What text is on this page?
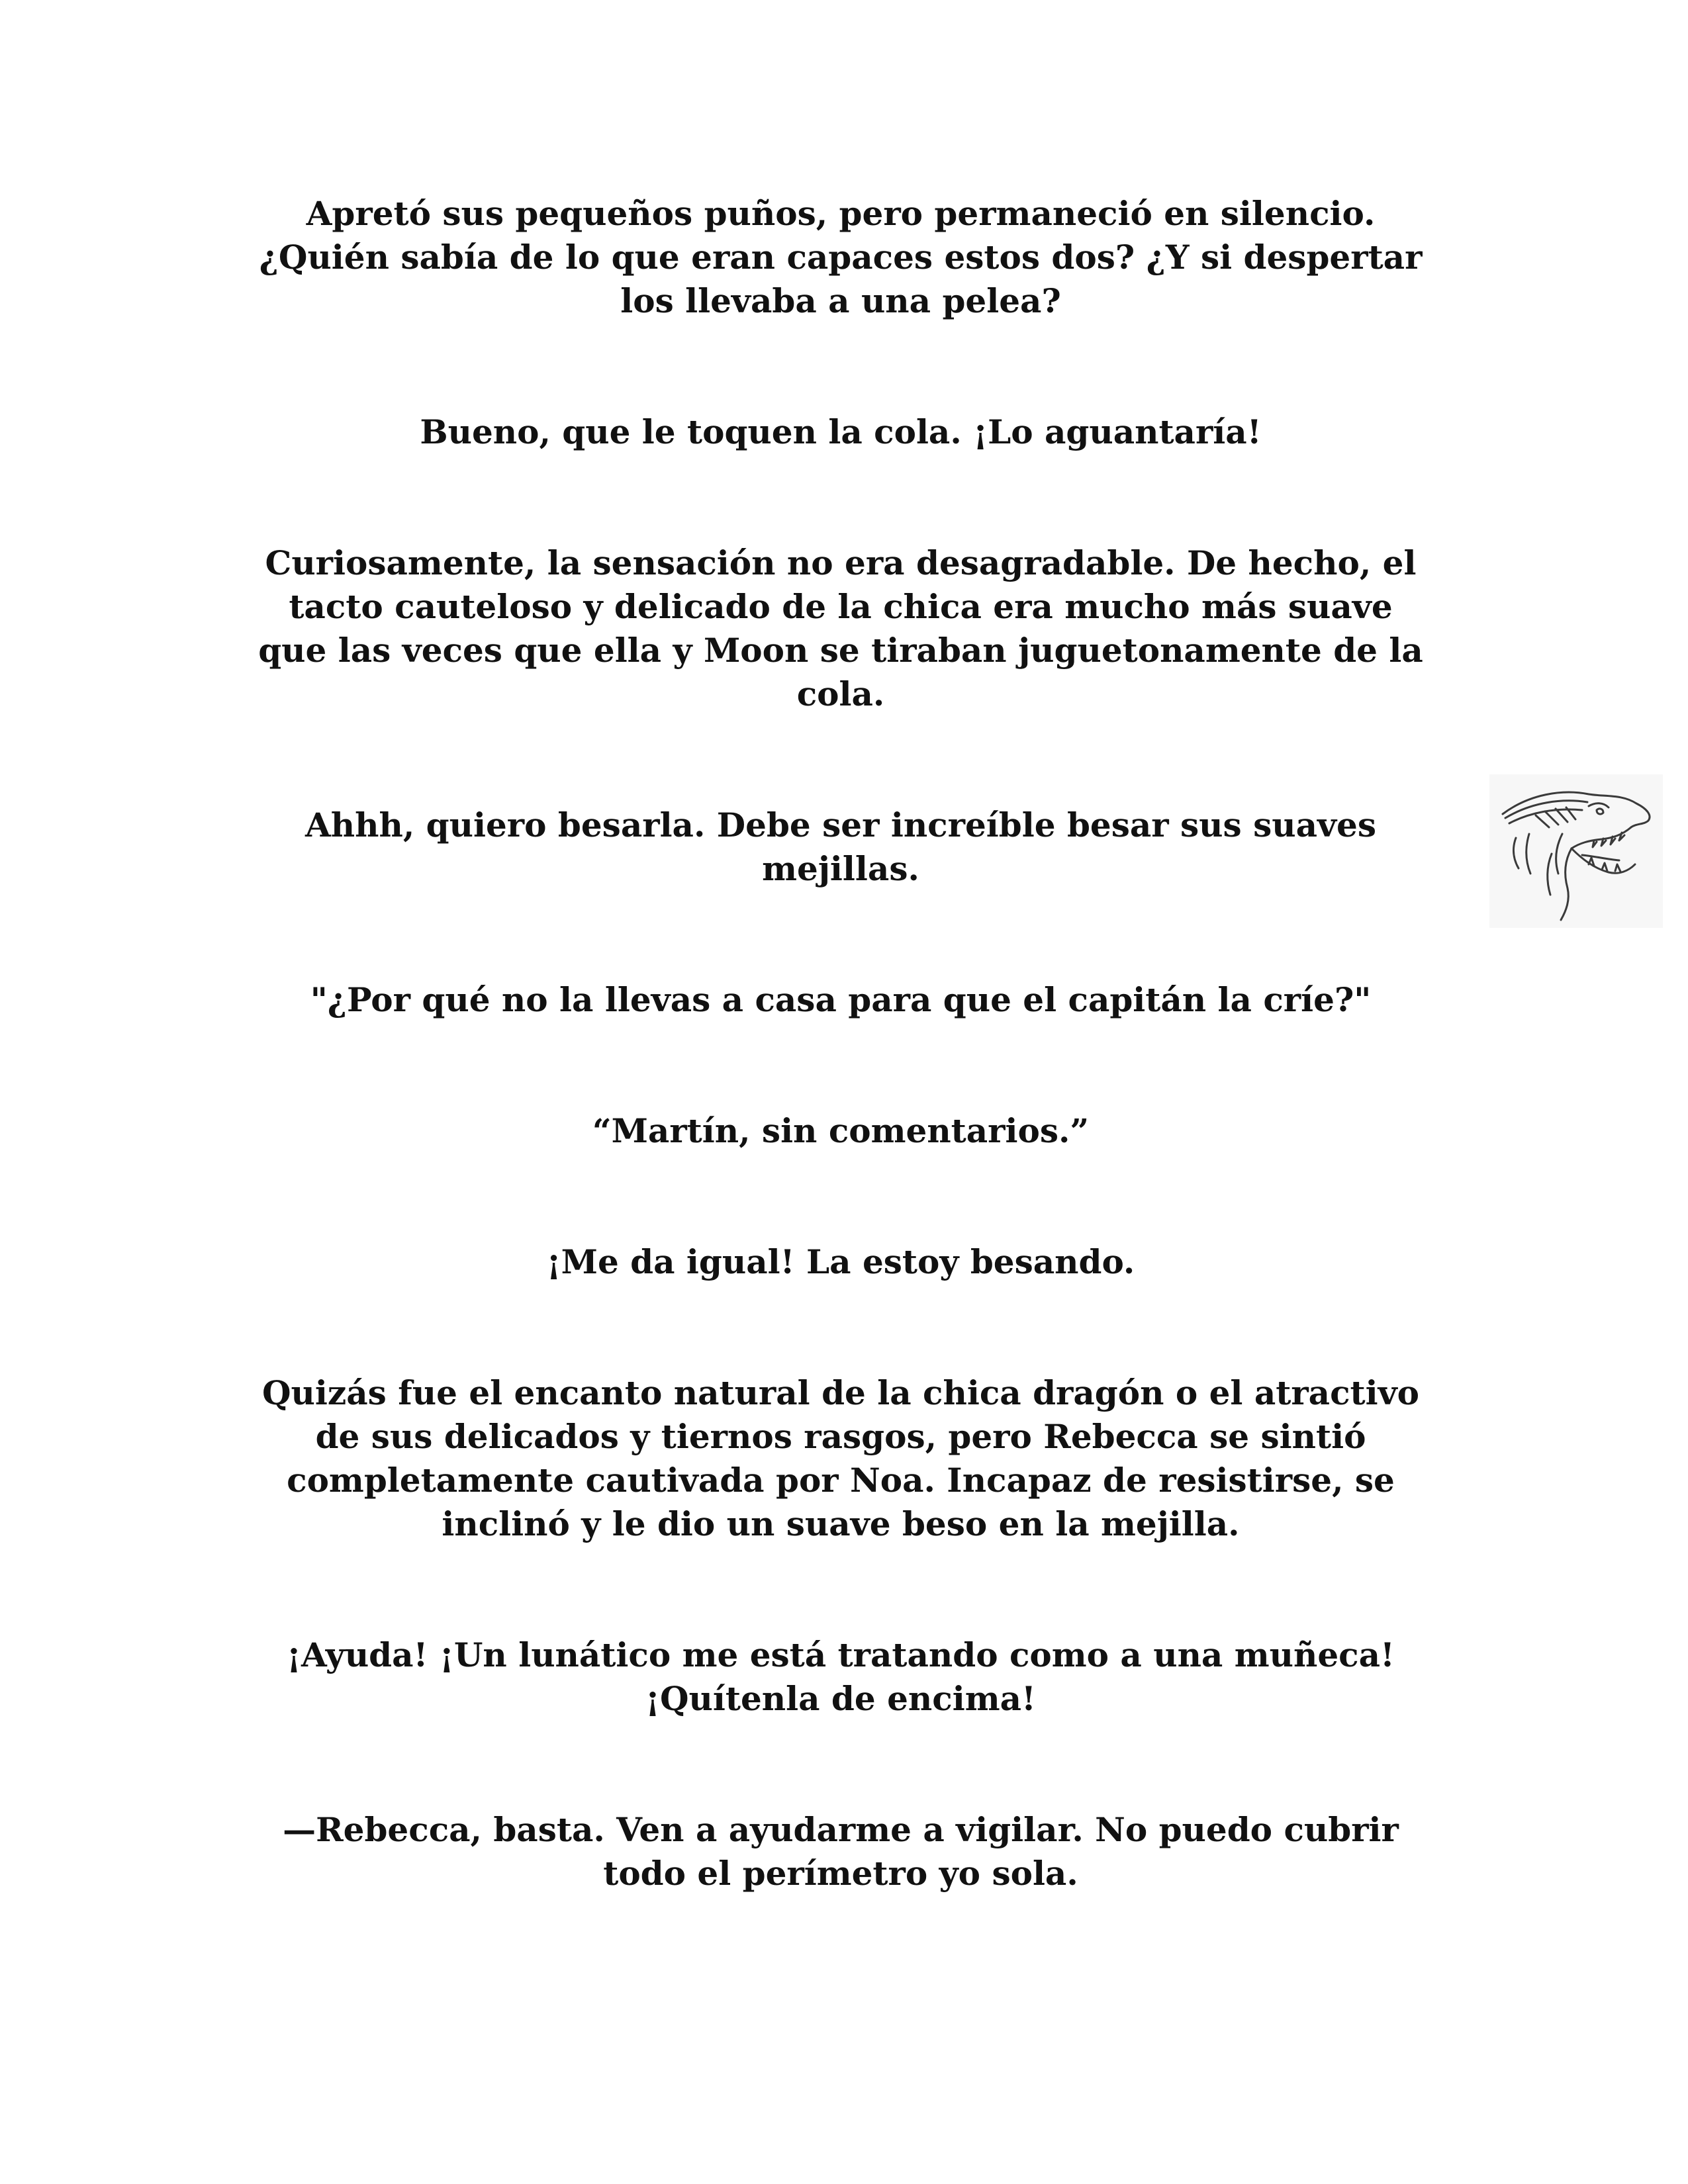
Apretó sus pequeños puños, pero permaneció en silencio.
¿Quién sabía de lo que eran capaces estos dos? ¿Y si despertar
los llevaba a una pelea?

Bueno, que le toquen la cola. ¡Lo aguantaría!

Curiosamente, la sensación no era desagradable. De hecho, el
tacto cauteloso y delicado de la chica era mucho más suave
que las veces que ella y Moon se tiraban juguetonamente de la
cola.

Ahhh, quiero besarla. Debe ser increíble besar sus suaves
mejillas.

"¿Por qué no la llevas a casa para que el capitán la críe?"

“Martín, sin comentarios.”

¡Me da igual! La estoy besando.

Quizás fue el encanto natural de la chica dragón o el atractivo
de sus delicados y tiernos rasgos, pero Rebecca se sintió
completamente cautivada por Noa. Incapaz de resistirse, se
inclinó y le dio un suave beso en la mejilla.

¡Ayuda! ¡Un lunático me está tratando como a una muñeca!
¡Quítenla de encima!

—Rebecca, basta. Ven a ayudarme a vigilar. No puedo cubrir
todo el perímetro yo sola.
